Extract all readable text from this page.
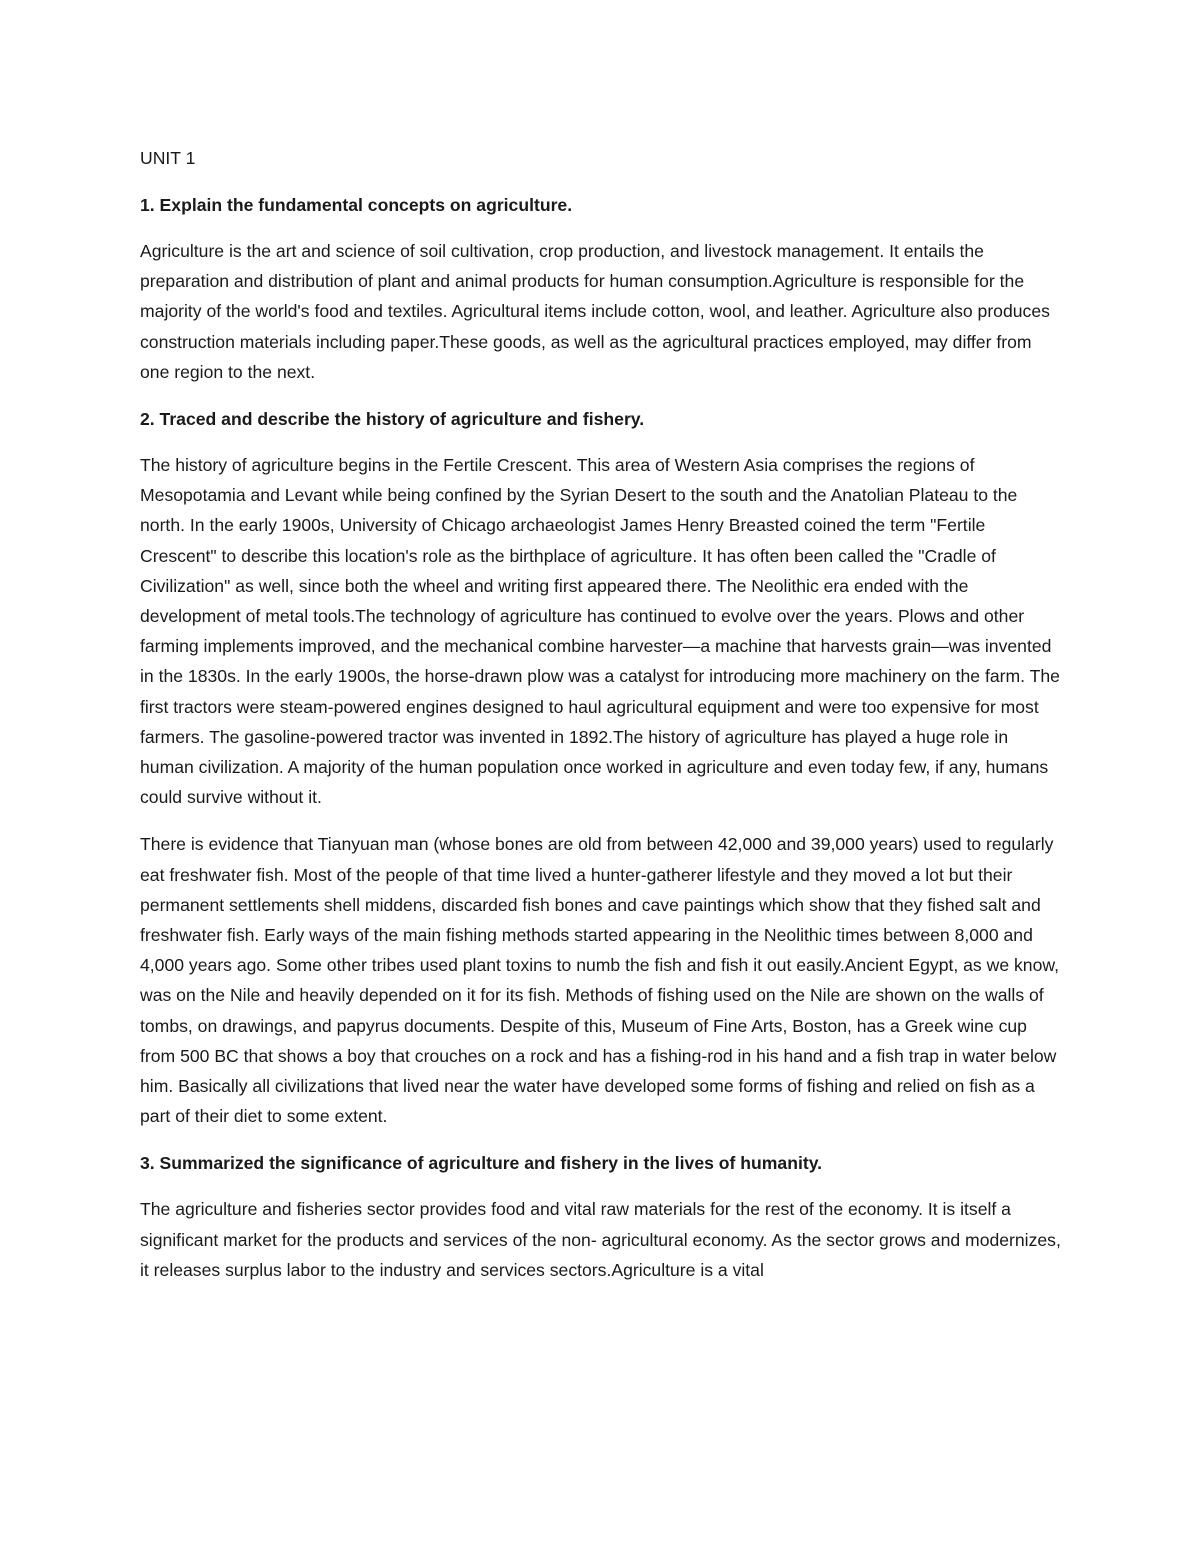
UNIT 1
1. Explain the fundamental concepts on agriculture.

Agriculture is the art and science of soil cultivation, crop production, and livestock management. It entails the preparation and distribution of plant and animal products for human consumption.Agriculture is responsible for the majority of the world's food and textiles. Agricultural items include cotton, wool, and leather. Agriculture also produces construction materials including paper.These goods, as well as the agricultural practices employed, may differ from one region to the next.

2. Traced and describe the history of agriculture and fishery.

The history of agriculture begins in the Fertile Crescent. This area of Western Asia comprises the regions of Mesopotamia and Levant while being confined by the Syrian Desert to the south and the Anatolian Plateau to the north. In the early 1900s, University of Chicago archaeologist James Henry Breasted coined the term "Fertile Crescent" to describe this location's role as the birthplace of agriculture. It has often been called the "Cradle of Civilization" as well, since both the wheel and writing first appeared there. The Neolithic era ended with the development of metal tools.The technology of agriculture has continued to evolve over the years. Plows and other farming implements improved, and the mechanical combine harvester—a machine that harvests grain—was invented in the 1830s. In the early 1900s, the horse-drawn plow was a catalyst for introducing more machinery on the farm. The first tractors were steam-powered engines designed to haul agricultural equipment and were too expensive for most farmers. The gasoline-powered tractor was invented in 1892.The history of agriculture has played a huge role in human civilization. A majority of the human population once worked in agriculture and even today few, if any, humans could survive without it.

There is evidence that Tianyuan man (whose bones are old from between 42,000 and 39,000 years) used to regularly eat freshwater fish. Most of the people of that time lived a hunter-gatherer lifestyle and they moved a lot but their permanent settlements shell middens, discarded fish bones and cave paintings which show that they fished salt and freshwater fish. Early ways of the main fishing methods started appearing in the Neolithic times between 8,000 and 4,000 years ago. Some other tribes used plant toxins to numb the fish and fish it out easily.Ancient Egypt, as we know, was on the Nile and heavily depended on it for its fish. Methods of fishing used on the Nile are shown on the walls of tombs, on drawings, and papyrus documents. Despite of this, Museum of Fine Arts, Boston, has a Greek wine cup from 500 BC that shows a boy that crouches on a rock and has a fishing-rod in his hand and a fish trap in water below him. Basically all civilizations that lived near the water have developed some forms of fishing and relied on fish as a part of their diet to some extent.

3. Summarized the significance of agriculture and fishery in the lives of humanity.

The agriculture and fisheries sector provides food and vital raw materials for the rest of the economy. It is itself a significant market for the products and services of the non- agricultural economy. As the sector grows and modernizes, it releases surplus labor to the industry and services sectors.Agriculture is a vital
